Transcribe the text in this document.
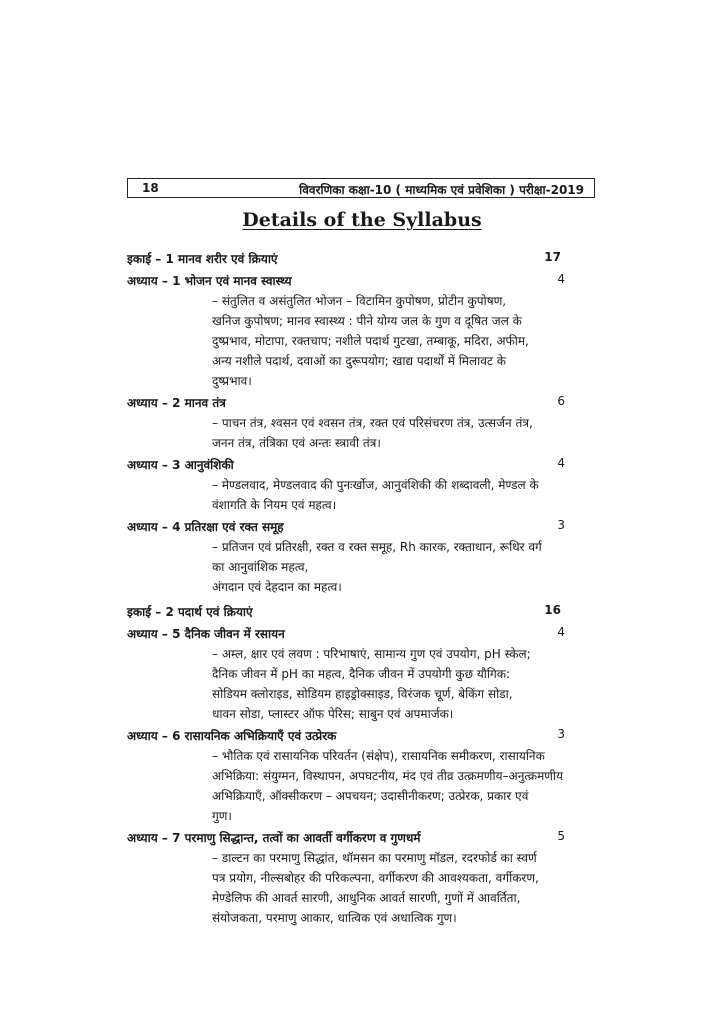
18	विवरणिका कक्षा-10 ( माध्यमिक एवं प्रवेशिका ) परीक्षा-2019
Details of the Syllabus
इकाई – 1 मानव शरीर एवं क्रियाएं	17
अध्याय – 1 भोजन एवं मानव स्वास्थ्य	4
– संतुलित व असंतुलित भोजन – विटामिन कुपोषण, प्रोटीन कुपोषण,
खनिज कुपोषण; मानव स्वास्थ्य : पीने योग्य जल के गुण व दूषित जल के
दुष्प्रभाव, मोटापा, रक्तचाप; नशीले पदार्थ गुटखा, तम्बाकू, मदिरा, अफीम,
अन्य नशीले पदार्थ, दवाओं का दुरूपयोग; खाद्य पदार्थों में मिलावट के
दुष्प्रभाव।
अध्याय – 2 मानव तंत्र	6
– पाचन तंत्र, श्वसन एवं श्वसन तंत्र, रक्त एवं परिसंचरण तंत्र, उत्सर्जन तंत्र,
जनन तंत्र, तंत्रिका एवं अन्तः स्त्रावी तंत्र।
अध्याय – 3 आनुवंशिकी	4
– मेण्डलवाद, मेण्डलवाद की पुनःर्खोज, आनुवंशिकी की शब्दावली, मेण्डल के
वंशागति के नियम एवं महत्व।
अध्याय – 4 प्रतिरक्षा एवं रक्त समूह	3
– प्रतिजन एवं प्रतिरक्षी, रक्त व रक्त समूह, Rh कारक, रक्ताधान, रूधिर वर्ग
का आनुवांशिक महत्व,
अंगदान एवं देहदान का महत्व।
इकाई – 2 पदार्थ एवं क्रियाएं	16
अध्याय – 5 दैनिक जीवन में रसायन	4
– अम्ल, क्षार एवं लवण : परिभाषाएं, सामान्य गुण एवं उपयोग, pH स्केल;
दैनिक जीवन में pH का महत्व, दैनिक जीवन में उपयोगी कुछ यौगिक:
सोडियम क्लोराइड, सोडियम हाइड्रोक्साइड, विरंजक चूर्ण, बेकिंग सोडा,
धावन सोडा, प्लास्टर ऑफ पेरिस; साबुन एवं अपमार्जक।
अध्याय – 6 रासायनिक अभिक्रियाएँ एवं उत्प्रेरक	3
– भौतिक एवं रासायनिक परिवर्तन (संक्षेप), रासायनिक समीकरण, रासायनिक
अभिक्रिया: संयुग्मन, विस्थापन, अपघटनीय, मंद एवं तीव्र उत्क्रमणीय–अनुत्क्रमणीय
अभिक्रियाएँ, ऑक्सीकरण – अपचयन; उदासीनीकरण; उत्प्रेरक, प्रकार एवं
गुण।
अध्याय – 7 परमाणु सिद्धान्त, तत्वों का आवर्ती वर्गीकरण व गुणधर्म	5
– डाल्टन का परमाणु सिद्धांत, थॉमसन का परमाणु मॉडल, रदरफोर्ड का स्वर्ण
पत्र प्रयोग, नील्सबोहर की परिकल्पना, वर्गीकरण की आवश्यकता, वर्गीकरण,
मेण्डेलिफ की आवर्त सारणी, आधुनिक आवर्त सारणी, गुणों में आवर्तिता,
संयोजकता, परमाणु आकार, धात्विक एवं अधात्विक गुण।
